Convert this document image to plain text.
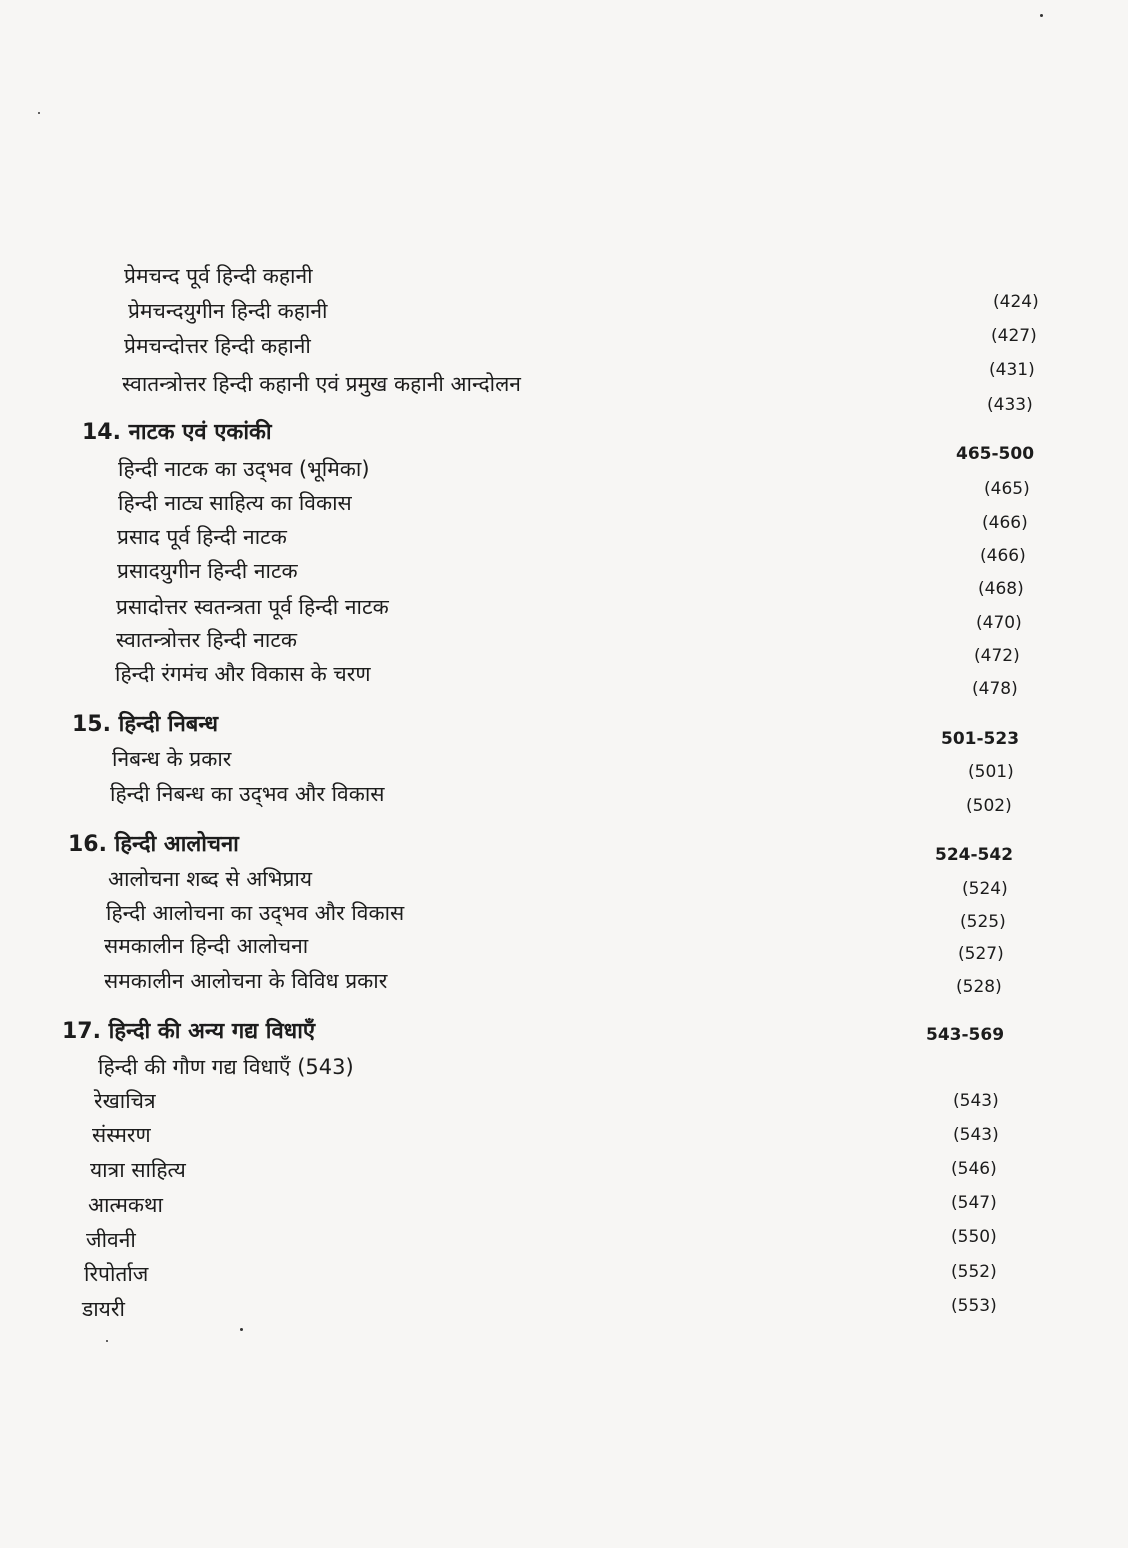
प्रेमचन्द पूर्व हिन्दी कहानी
प्रेमचन्दयुगीन हिन्दी कहानी
प्रेमचन्दोत्तर हिन्दी कहानी
स्वातन्त्रोत्तर हिन्दी कहानी एवं प्रमुख कहानी आन्दोलन
(424)
(427)
(431)
(433)
14. नाटक एवं एकांकी
465-500
हिन्दी नाटक का उद्‌भव (भूमिका)
हिन्दी नाट्य साहित्य का विकास
प्रसाद पूर्व हिन्दी नाटक
प्रसादयुगीन हिन्दी नाटक
प्रसादोत्तर स्वतन्त्रता पूर्व हिन्दी नाटक
स्वातन्त्रोत्तर हिन्दी नाटक
हिन्दी रंगमंच और विकास के चरण
(465)
(466)
(466)
(468)
(470)
(472)
(478)
15. हिन्दी निबन्ध
501-523
निबन्ध के प्रकार
हिन्दी निबन्ध का उद्‌भव और विकास
(501)
(502)
16. हिन्दी आलोचना	524-542
आलोचना शब्द से अभिप्राय
हिन्दी आलोचना का उद्‌भव और विकास
समकालीन हिन्दी आलोचना
समकालीन आलोचना के विविध प्रकार
(524)
(525)
(527)
(528)
17. हिन्दी की अन्य गद्य विधाएँ	543-569
हिन्दी की गौण गद्य विधाएँ (543)
रेखाचित्र
संस्मरण
यात्रा साहित्य
आत्मकथा
जीवनी
रिपोर्ताज
डायरी
(543)
(543)
(546)
(547)
(550)
(552)
(553)
